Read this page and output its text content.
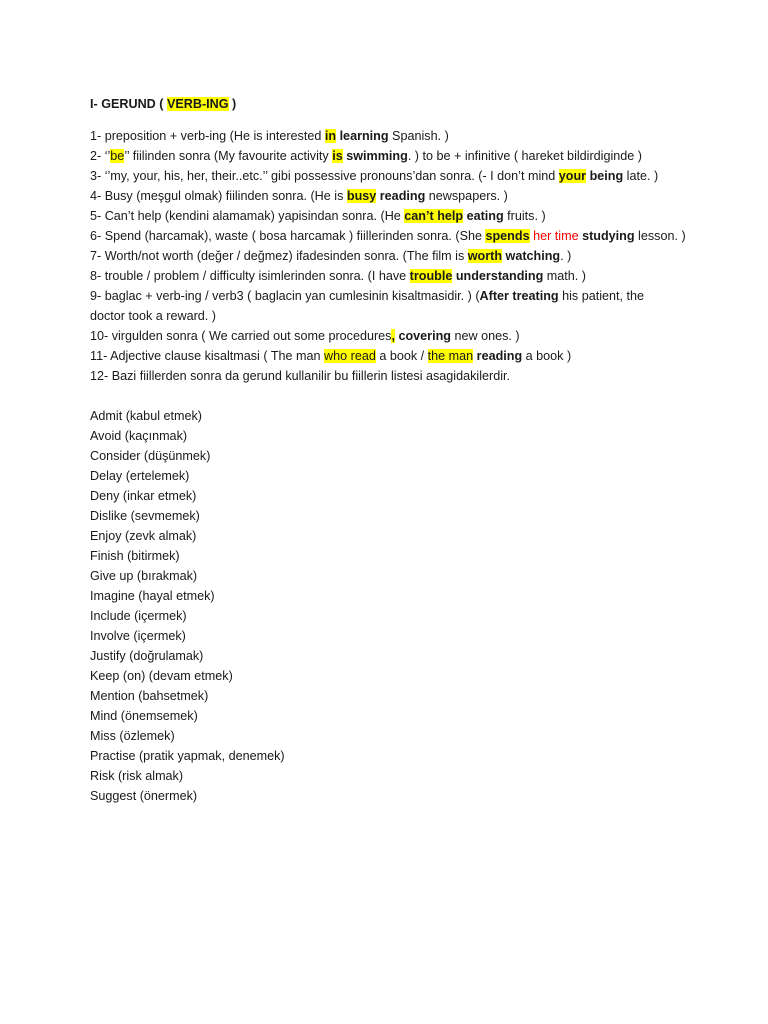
I- GERUND ( VERB-ING )
1- preposition + verb-ing (He is interested in learning Spanish. )
2- ‘’be’’ fiilinden sonra (My favourite activity is swimming. ) to be + infinitive ( hareket bildirdiginde )
3- ‘’my, your, his, her, their..etc.’’ gibi possessive pronouns’dan sonra. (- I don’t mind your being late. )
4- Busy (meşgul olmak) fiilinden sonra. (He is busy reading newspapers. )
5- Can’t help (kendini alamamak) yapisindan sonra. (He can’t help eating fruits. )
6- Spend (harcamak), waste ( bosa harcamak ) fiillerinden sonra. (She spends her time studying lesson. )
7- Worth/not worth (değer / değmez) ifadesinden sonra. (The film is worth watching. )
8- trouble / problem / difficulty isimlerinden sonra. (I have trouble understanding math. )
9- baglac + verb-ing / verb3 ( baglacin yan cumlesinin kisaltmasidir. ) (After treating his patient, the
doctor took a reward. )
10- virgulden sonra ( We carried out some procedures, covering new ones. )
11- Adjective clause kisaltmasi ( The man who read a book / the man reading a book )
12- Bazi fiillerden sonra da gerund kullanilir bu fiillerin listesi asagidakilerdir.
Admit (kabul etmek)
Avoid (kaçınmak)
Consider (düşünmek)
Delay (ertelemek)
Deny (inkar etmek)
Dislike (sevmemek)
Enjoy (zevk almak)
Finish (bitirmek)
Give up (bırakmak)
Imagine (hayal etmek)
Include (içermek)
Involve (içermek)
Justify (doğrulamak)
Keep (on) (devam etmek)
Mention (bahsetmek)
Mind (önemsemek)
Miss (özlemek)
Practise (pratik yapmak, denemek)
Risk (risk almak)
Suggest (önermek)
